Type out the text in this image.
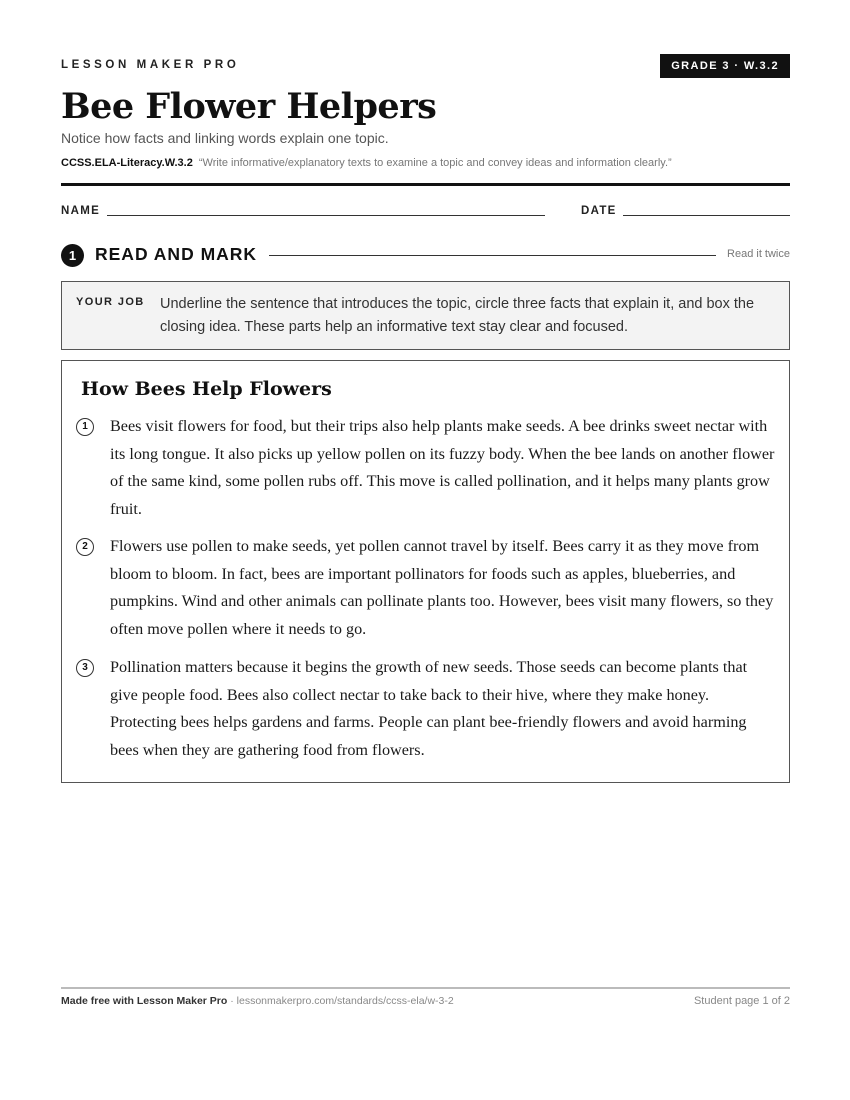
LESSON MAKER PRO	GRADE 3 · W.3.2
Bee Flower Helpers
Notice how facts and linking words explain one topic.
CCSS.ELA-Literacy.W.3.2 “Write informative/explanatory texts to examine a topic and convey ideas and information clearly.”
NAME	DATE
1	READ AND MARK	Read it twice
YOUR JOB Underline the sentence that introduces the topic, circle three facts that explain it, and box the closing idea. These parts help an informative text stay clear and focused.
How Bees Help Flowers
1	Bees visit flowers for food, but their trips also help plants make seeds. A bee drinks sweet nectar with its long tongue. It also picks up yellow pollen on its fuzzy body. When the bee lands on another flower of the same kind, some pollen rubs off. This move is called pollination, and it helps many plants grow fruit.

2	Flowers use pollen to make seeds, yet pollen cannot travel by itself. Bees carry it as they move from bloom to bloom. In fact, bees are important pollinators for foods such as apples, blueberries, and pumpkins. Wind and other animals can pollinate plants too. However, bees visit many flowers, so they often move pollen where it needs to go.

3	Pollination matters because it begins the growth of new seeds. Those seeds can become plants that give people food. Bees also collect nectar to take back to their hive, where they make honey. Protecting bees helps gardens and farms. People can plant bee-friendly flowers and avoid harming bees when they are gathering food from flowers.

Made free with Lesson Maker Pro · lessonmakerpro.com/standards/ccss-ela/w-3-2	Student page 1 of 2
